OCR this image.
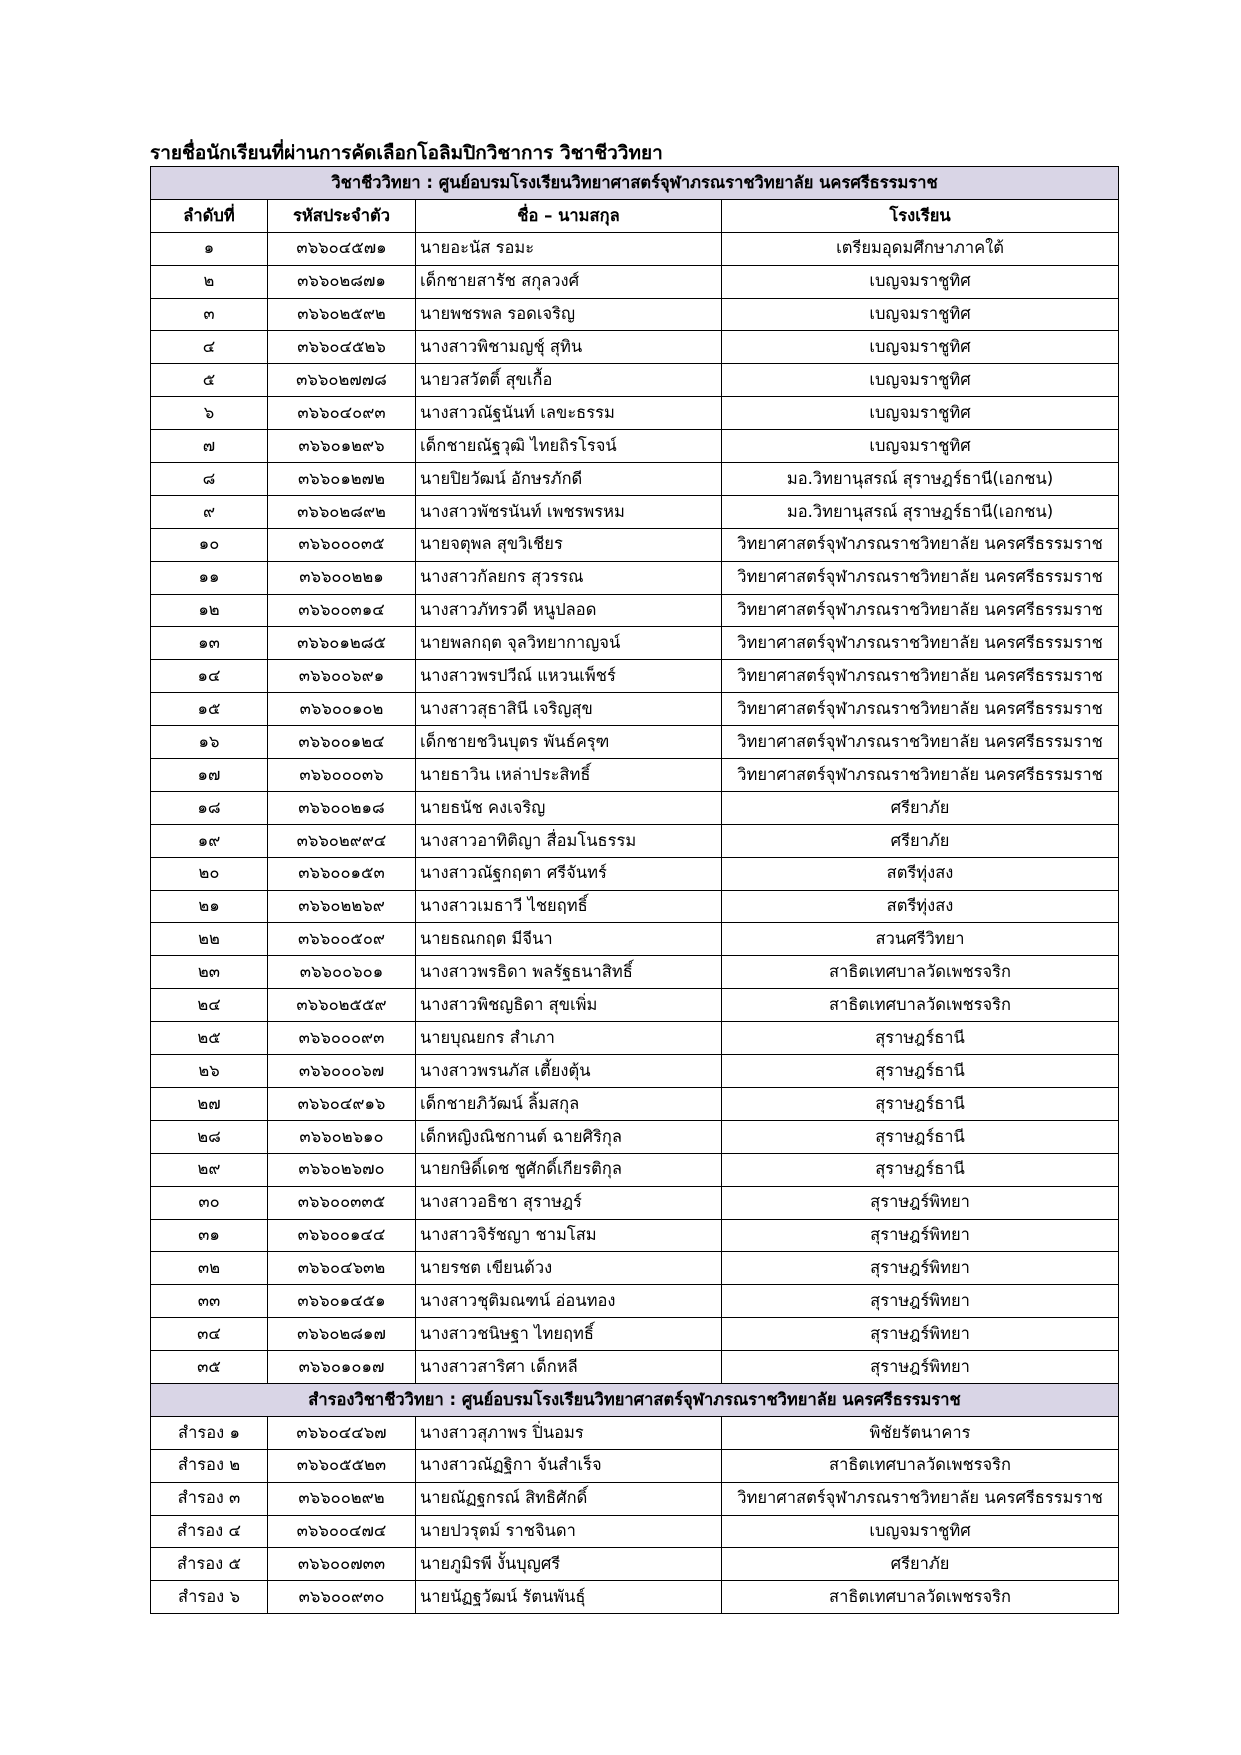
รายชื่อนักเรียนที่ผ่านการคัดเลือกโอลิมปิกวิชาการ วิชาชีววิทยา
วิชาชีววิทยา : ศูนย์อบรมโรงเรียนวิทยาศาสตร์จุฬาภรณราชวิทยาลัย นครศรีธรรมราช			
ลำดับที่	รหัสประจำตัว	ชื่อ – นามสกุล	โรงเรียน
๑	๓๖๖๐๔๕๗๑	นายอะนัส รอมะ	เตรียมอุดมศึกษาภาคใต้
๒	๓๖๖๐๒๘๗๑	เด็กชายสารัช สกุลวงศ์	เบญจมราชูทิศ
๓	๓๖๖๐๒๕๙๒	นายพชรพล รอดเจริญ	เบญจมราชูทิศ
๔	๓๖๖๐๔๕๒๖	นางสาวพิชามญชุ์ สุทิน	เบญจมราชูทิศ
๕	๓๖๖๐๒๗๗๘	นายวสวัตติ์ สุขเกื้อ	เบญจมราชูทิศ
๖	๓๖๖๐๔๐๙๓	นางสาวณัฐนันท์ เลขะธรรม	เบญจมราชูทิศ
๗	๓๖๖๐๑๒๙๖	เด็กชายณัฐวุฒิ ไทยถิรโรจน์	เบญจมราชูทิศ
๘	๓๖๖๐๑๒๗๒	นายปิยวัฒน์ อักษรภักดี	มอ.วิทยานุสรณ์ สุราษฎร์ธานี(เอกชน)
๙	๓๖๖๐๒๘๙๒	นางสาวพัชรนันท์ เพชรพรหม	มอ.วิทยานุสรณ์ สุราษฎร์ธานี(เอกชน)
๑๐	๓๖๖๐๐๐๓๕	นายจตุพล สุขวิเชียร	วิทยาศาสตร์จุฬาภรณราชวิทยาลัย นครศรีธรรมราช
๑๑	๓๖๖๐๐๒๒๑	นางสาวกัลยกร สุวรรณ	วิทยาศาสตร์จุฬาภรณราชวิทยาลัย นครศรีธรรมราช
๑๒	๓๖๖๐๐๓๑๔	นางสาวภัทรวดี หนูปลอด	วิทยาศาสตร์จุฬาภรณราชวิทยาลัย นครศรีธรรมราช
๑๓	๓๖๖๐๑๒๘๕	นายพลกฤต จุลวิทยากาญจน์	วิทยาศาสตร์จุฬาภรณราชวิทยาลัย นครศรีธรรมราช
๑๔	๓๖๖๐๐๖๙๑	นางสาวพรปวีณ์ แหวนเพ็ชร์	วิทยาศาสตร์จุฬาภรณราชวิทยาลัย นครศรีธรรมราช
๑๕	๓๖๖๐๐๑๐๒	นางสาวสุธาสินี เจริญสุข	วิทยาศาสตร์จุฬาภรณราชวิทยาลัย นครศรีธรรมราช
๑๖	๓๖๖๐๐๑๒๔	เด็กชายชวินบุตร พันธ์ครุฑ	วิทยาศาสตร์จุฬาภรณราชวิทยาลัย นครศรีธรรมราช
๑๗	๓๖๖๐๐๐๓๖	นายธาวิน เหล่าประสิทธิ์	วิทยาศาสตร์จุฬาภรณราชวิทยาลัย นครศรีธรรมราช
๑๘	๓๖๖๐๐๒๑๘	นายธนัช คงเจริญ	ศรียาภัย
๑๙	๓๖๖๐๒๙๙๔	นางสาวอาทิติญา สื่อมโนธรรม	ศรียาภัย
๒๐	๓๖๖๐๐๑๕๓	นางสาวณัฐกฤตา ศรีจันทร์	สตรีทุ่งสง
๒๑	๓๖๖๐๒๒๖๙	นางสาวเมธาวี ไชยฤทธิ์	สตรีทุ่งสง
๒๒	๓๖๖๐๐๕๐๙	นายธณกฤต มีจีนา	สวนศรีวิทยา
๒๓	๓๖๖๐๐๖๐๑	นางสาวพรธิดา พลรัฐธนาสิทธิ์	สาธิตเทศบาลวัดเพชรจริก
๒๔	๓๖๖๐๒๕๕๙	นางสาวพิชญธิดา สุขเพิ่ม	สาธิตเทศบาลวัดเพชรจริก
๒๕	๓๖๖๐๐๐๙๓	นายบุณยกร สำเภา	สุราษฎร์ธานี
๒๖	๓๖๖๐๐๐๖๗	นางสาวพรนภัส เตี้ยงตุ้น	สุราษฎร์ธานี
๒๗	๓๖๖๐๔๙๑๖	เด็กชายภิวัฒน์ ลิ้มสกุล	สุราษฎร์ธานี
๒๘	๓๖๖๐๒๖๑๐	เด็กหญิงณิชกานต์ ฉายศิริกุล	สุราษฎร์ธานี
๒๙	๓๖๖๐๒๖๗๐	นายกษิดิ์เดช ชูศักดิ์เกียรติกุล	สุราษฎร์ธานี
๓๐	๓๖๖๐๐๓๓๕	นางสาวอธิชา สุราษฎร์	สุราษฎร์พิทยา
๓๑	๓๖๖๐๐๑๔๔	นางสาวจิรัชญา ชามโสม	สุราษฎร์พิทยา
๓๒	๓๖๖๐๔๖๓๒	นายรชต เขียนด้วง	สุราษฎร์พิทยา
๓๓	๓๖๖๐๑๔๕๑	นางสาวชุติมณฑน์ อ่อนทอง	สุราษฎร์พิทยา
๓๔	๓๖๖๐๒๘๑๗	นางสาวชนิษฐา ไทยฤทธิ์	สุราษฎร์พิทยา
๓๕	๓๖๖๐๑๐๑๗	นางสาวสาริศา เด็กหลี	สุราษฎร์พิทยา
สำรองวิชาชีววิทยา : ศูนย์อบรมโรงเรียนวิทยาศาสตร์จุฬาภรณราชวิทยาลัย นครศรีธรรมราช			
สำรอง ๑	๓๖๖๐๔๔๖๗	นางสาวสุภาพร ปิ่นอมร	พิชัยรัตนาคาร
สำรอง ๒	๓๖๖๐๕๕๒๓	นางสาวณัฏฐิกา จันสำเร็จ	สาธิตเทศบาลวัดเพชรจริก
สำรอง ๓	๓๖๖๐๐๒๙๒	นายณัฏฐกรณ์ สิทธิศักดิ์	วิทยาศาสตร์จุฬาภรณราชวิทยาลัย นครศรีธรรมราช
สำรอง ๔	๓๖๖๐๐๔๗๔	นายปวรุตม์ ราชจินดา	เบญจมราชูทิศ
สำรอง ๕	๓๖๖๐๐๗๓๓	นายภูมิรพี งั้นบุญศรี	ศรียาภัย
สำรอง ๖	๓๖๖๐๐๙๓๐	นายนัฏฐวัฒน์ รัตนพันธุ์	สาธิตเทศบาลวัดเพชรจริก
